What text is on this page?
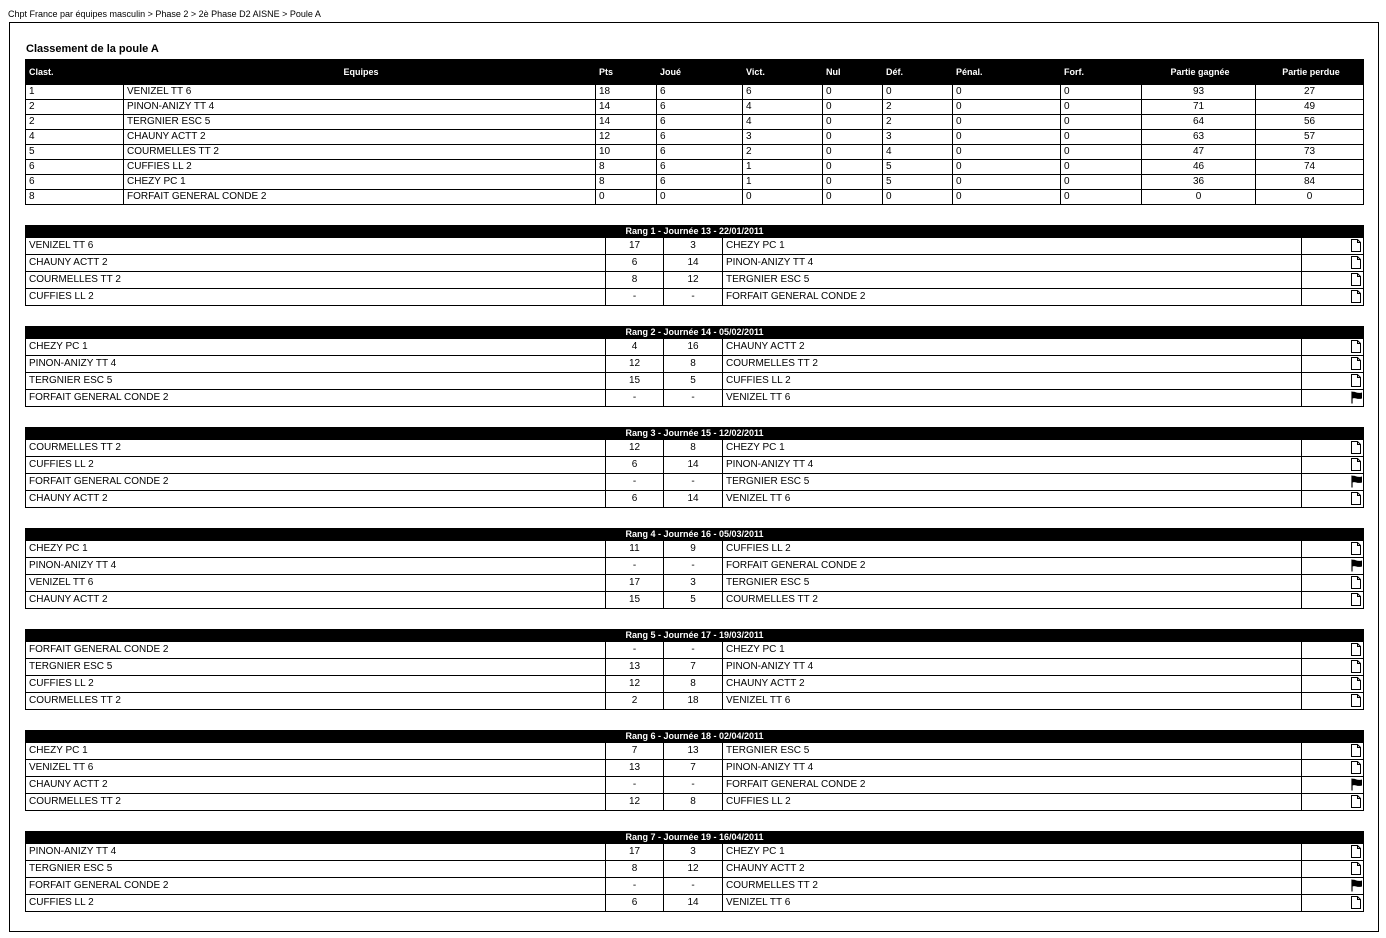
Chpt France par équipes masculin > Phase 2 > 2è Phase D2 AISNE > Poule A
Classement de la poule A
Clast.	Equipes	Pts	Joué	Vict.	Nul	Déf.	Pénal.	Forf.	Partie gagnée	Partie perdue
1	VENIZEL TT 6	18	6	6	0	0	0	0	93	27
2	PINON-ANIZY TT 4	14	6	4	0	2	0	0	71	49
2	TERGNIER ESC 5	14	6	4	0	2	0	0	64	56
4	CHAUNY ACTT 2	12	6	3	0	3	0	0	63	57
5	COURMELLES TT 2	10	6	2	0	4	0	0	47	73
6	CUFFIES LL 2	8	6	1	0	5	0	0	46	74
6	CHEZY PC 1	8	6	1	0	5	0	0	36	84
8	FORFAIT GENERAL CONDE 2	0	0	0	0	0	0	0	0	0
Rang 1 - Journée 13 - 22/01/2011				
VENIZEL TT 6	17	3	CHEZY PC 1	
CHAUNY ACTT 2	6	14	PINON-ANIZY TT 4	
COURMELLES TT 2	8	12	TERGNIER ESC 5	
CUFFIES LL 2	-	-	FORFAIT GENERAL CONDE 2	
Rang 2 - Journée 14 - 05/02/2011				
CHEZY PC 1	4	16	CHAUNY ACTT 2	
PINON-ANIZY TT 4	12	8	COURMELLES TT 2	
TERGNIER ESC 5	15	5	CUFFIES LL 2	
FORFAIT GENERAL CONDE 2	-	-	VENIZEL TT 6	
Rang 3 - Journée 15 - 12/02/2011				
COURMELLES TT 2	12	8	CHEZY PC 1	
CUFFIES LL 2	6	14	PINON-ANIZY TT 4	
FORFAIT GENERAL CONDE 2	-	-	TERGNIER ESC 5	
CHAUNY ACTT 2	6	14	VENIZEL TT 6	
Rang 4 - Journée 16 - 05/03/2011				
CHEZY PC 1	11	9	CUFFIES LL 2	
PINON-ANIZY TT 4	-	-	FORFAIT GENERAL CONDE 2	
VENIZEL TT 6	17	3	TERGNIER ESC 5	
CHAUNY ACTT 2	15	5	COURMELLES TT 2	
Rang 5 - Journée 17 - 19/03/2011				
FORFAIT GENERAL CONDE 2	-	-	CHEZY PC 1	
TERGNIER ESC 5	13	7	PINON-ANIZY TT 4	
CUFFIES LL 2	12	8	CHAUNY ACTT 2	
COURMELLES TT 2	2	18	VENIZEL TT 6	
Rang 6 - Journée 18 - 02/04/2011				
CHEZY PC 1	7	13	TERGNIER ESC 5	
VENIZEL TT 6	13	7	PINON-ANIZY TT 4	
CHAUNY ACTT 2	-	-	FORFAIT GENERAL CONDE 2	
COURMELLES TT 2	12	8	CUFFIES LL 2	
Rang 7 - Journée 19 - 16/04/2011				
PINON-ANIZY TT 4	17	3	CHEZY PC 1	
TERGNIER ESC 5	8	12	CHAUNY ACTT 2	
FORFAIT GENERAL CONDE 2	-	-	COURMELLES TT 2	
CUFFIES LL 2	6	14	VENIZEL TT 6	
